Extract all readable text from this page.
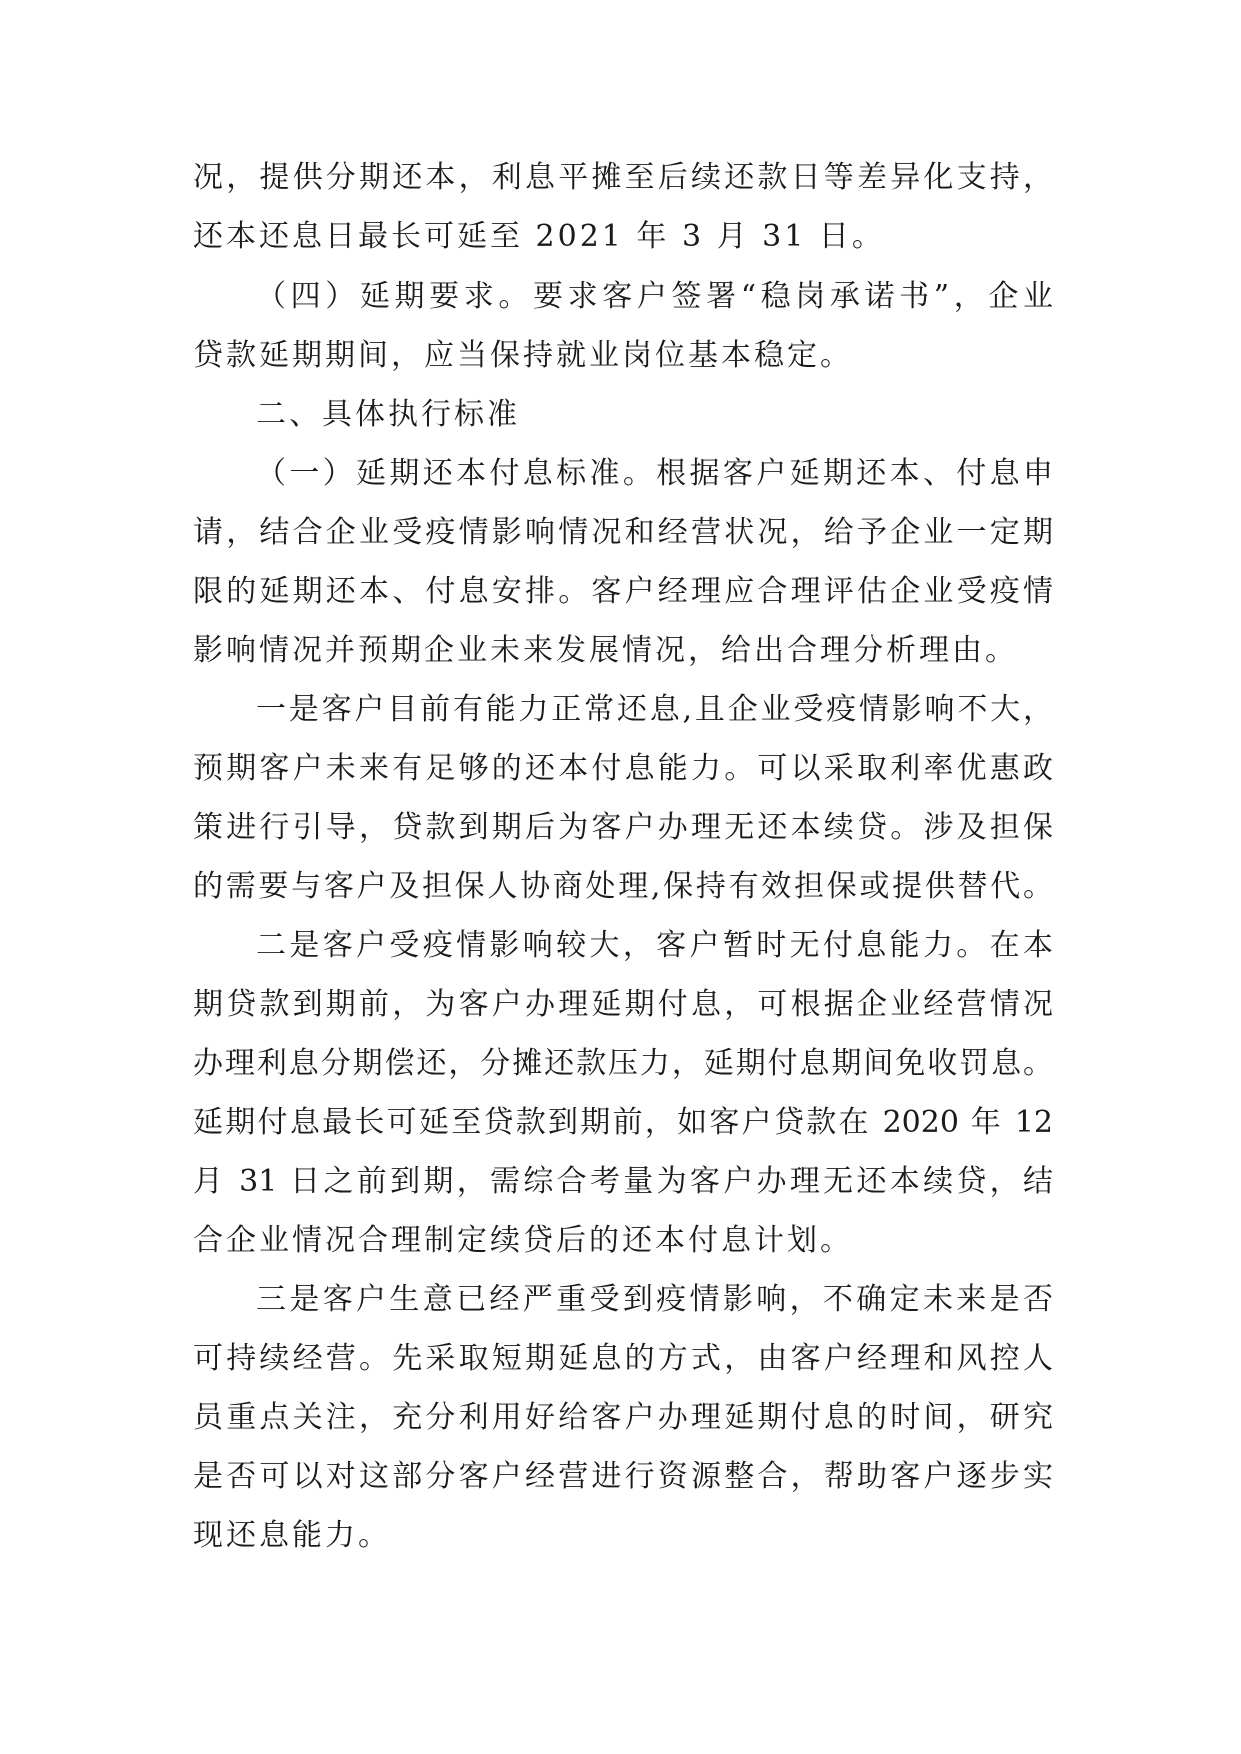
况，提供分期还本，利息平摊至后续还款日等差异化支持，
还本还息日最长可延至 2021 年 3 月 31 日。
（四）延期要求。要求客户签署“稳岗承诺书”，企业
贷款延期期间，应当保持就业岗位基本稳定。
二、具体执行标准
（一）延期还本付息标准。根据客户延期还本、付息申
请，结合企业受疫情影响情况和经营状况，给予企业一定期
限的延期还本、付息安排。客户经理应合理评估企业受疫情
影响情况并预期企业未来发展情况，给出合理分析理由。
一是客户目前有能力正常还息,且企业受疫情影响不大，
预期客户未来有足够的还本付息能力。可以采取利率优惠政
策进行引导，贷款到期后为客户办理无还本续贷。涉及担保
的需要与客户及担保人协商处理,保持有效担保或提供替代。
二是客户受疫情影响较大，客户暂时无付息能力。在本
期贷款到期前，为客户办理延期付息，可根据企业经营情况
办理利息分期偿还，分摊还款压力，延期付息期间免收罚息。
延期付息最长可延至贷款到期前，如客户贷款在 2020 年 12
月 31 日之前到期，需综合考量为客户办理无还本续贷，结
合企业情况合理制定续贷后的还本付息计划。
三是客户生意已经严重受到疫情影响，不确定未来是否
可持续经营。先采取短期延息的方式，由客户经理和风控人
员重点关注，充分利用好给客户办理延期付息的时间，研究
是否可以对这部分客户经营进行资源整合，帮助客户逐步实
现还息能力。
